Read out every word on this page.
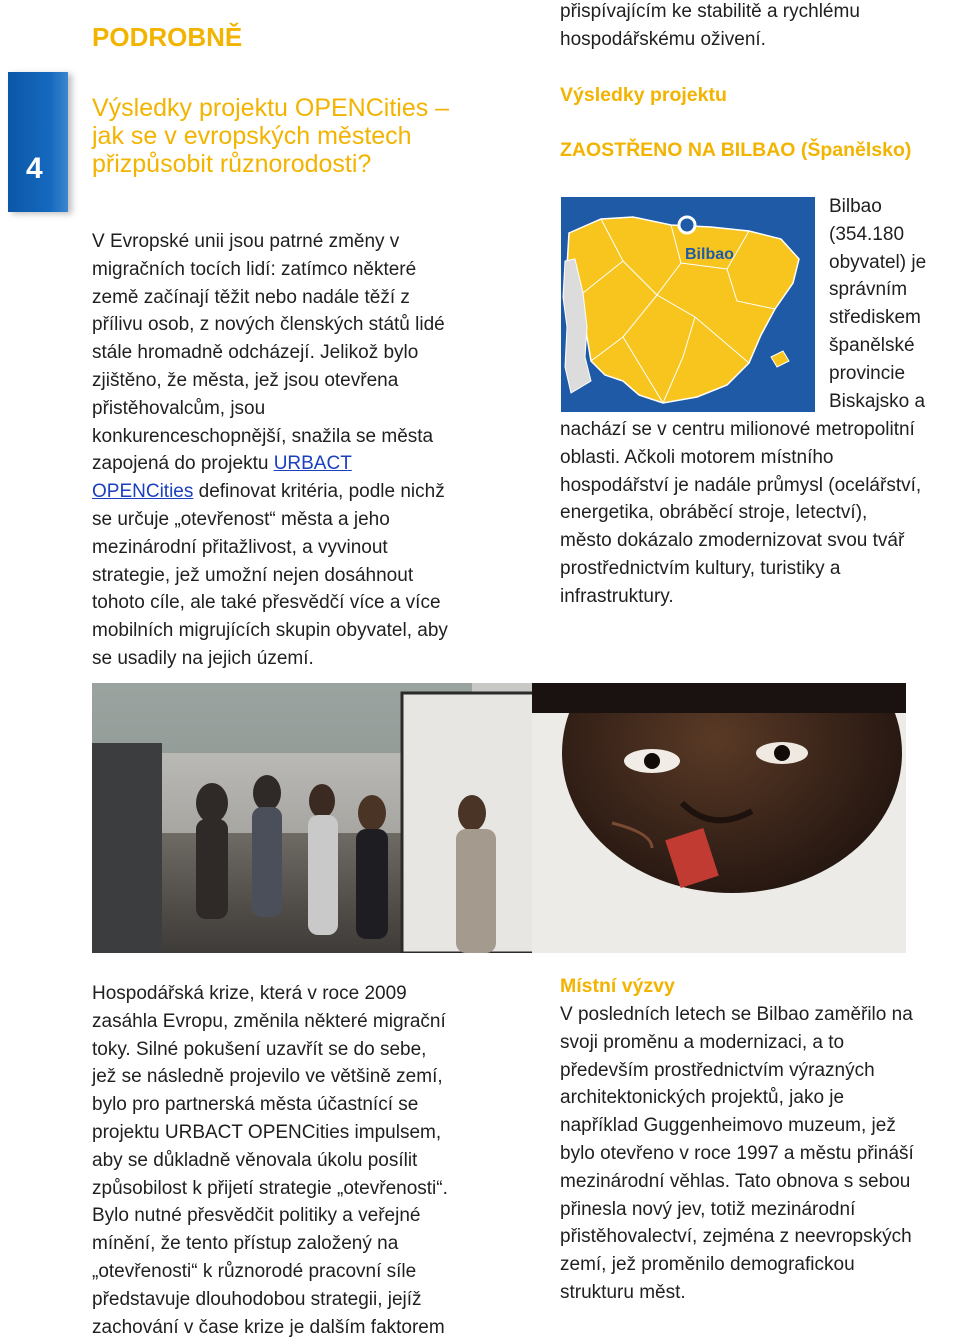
PODROBNĚ
4
Výsledky projektu OPENCities –
jak se v evropských městech
přizpůsobit různorodosti?
V Evropské unii jsou patrné změny v
migračních tocích lidí: zatímco některé
země začínají těžit nebo nadále těží z
přílivu osob, z nových členských států lidé
stále hromadně odcházejí. Jelikož bylo
zjištěno, že města, jež jsou otevřena
přistěhovalcům, jsou
konkurenceschopnější, snažila se města
zapojená do projektu URBACT
OPENCities definovat kritéria, podle nichž
se určuje „otevřenost“ města a jeho
mezinárodní přitažlivost, a vyvinout
strategie, jež umožní nejen dosáhnout
tohoto cíle, ale také přesvědčí více a více
mobilních migrujících skupin obyvatel, aby
se usadily na jejich území.
přispívajícím ke stabilitě a rychlému
hospodářskému oživení.
Výsledky projektu
ZAOSTŘENO NA BILBAO (Španělsko)
Bilbao
Bilbao
(354.180
obyvatel) je
správním
střediskem
španělské
provincie
Biskajsko a
nachází se v centru milionové metropolitní
oblasti. Ačkoli motorem místního
hospodářství je nadále průmysl (ocelářství,
energetika, obráběcí stroje, letectví),
město dokázalo zmodernizovat svou tvář
prostřednictvím kultury, turistiky a
infrastruktury.
Hospodářská krize, která v roce 2009
zasáhla Evropu, změnila některé migrační
toky. Silné pokušení uzavřít se do sebe,
jež se následně projevilo ve většině zemí,
bylo pro partnerská města účastnící se
projektu URBACT OPENCities impulsem,
aby se důkladně věnovala úkolu posílit
způsobilost k přijetí strategie „otevřenosti“.
Bylo nutné přesvědčit politiky a veřejné
mínění, že tento přístup založený na
„otevřenosti“ k různorodé pracovní síle
představuje dlouhodobou strategii, jejíž
zachování v čase krize je dalším faktorem
Místní výzvy
V posledních letech se Bilbao zaměřilo na
svoji proměnu a modernizaci, a to
především prostřednictvím výrazných
architektonických projektů, jako je
například Guggenheimovo muzeum, jež
bylo otevřeno v roce 1997 a městu přináší
mezinárodní věhlas. Tato obnova s sebou
přinesla nový jev, totiž mezinárodní
přistěhovalectví, zejména z neevropských
zemí, jež proměnilo demografickou
strukturu měst.
